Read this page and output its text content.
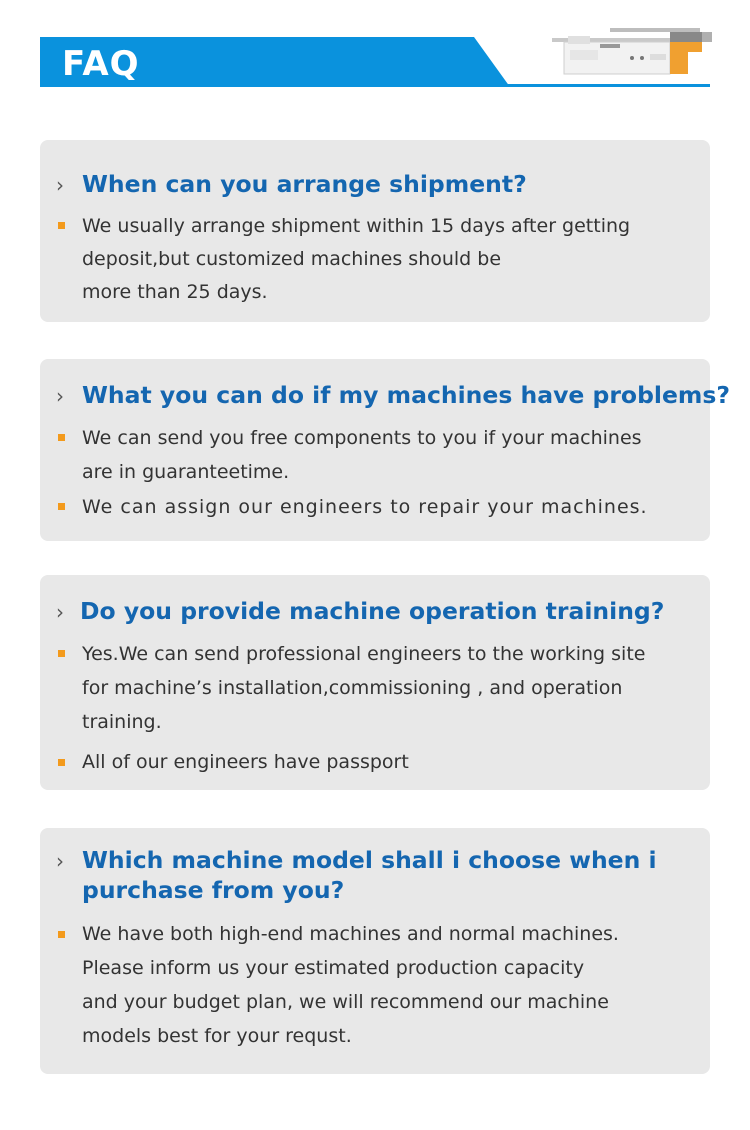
FAQ
› When can you arrange shipment?
We usually arrange shipment within 15 days after getting
deposit,but customized machines should be
more than 25 days.
› What you can do if my machines have problems?
We can send you free components to you if your machines
are in guaranteetime.
We can assign our engineers to repair your machines.
› Do you provide machine operation training?
Yes.We can send professional engineers to the working site
for machine’s installation,commissioning , and operation
training.
All of our engineers have passport
› Which machine model shall i choose when i
purchase from you?
We have both high-end machines and normal machines.
Please inform us your estimated production capacity
and your budget plan, we will recommend our machine
models best for your requst.
